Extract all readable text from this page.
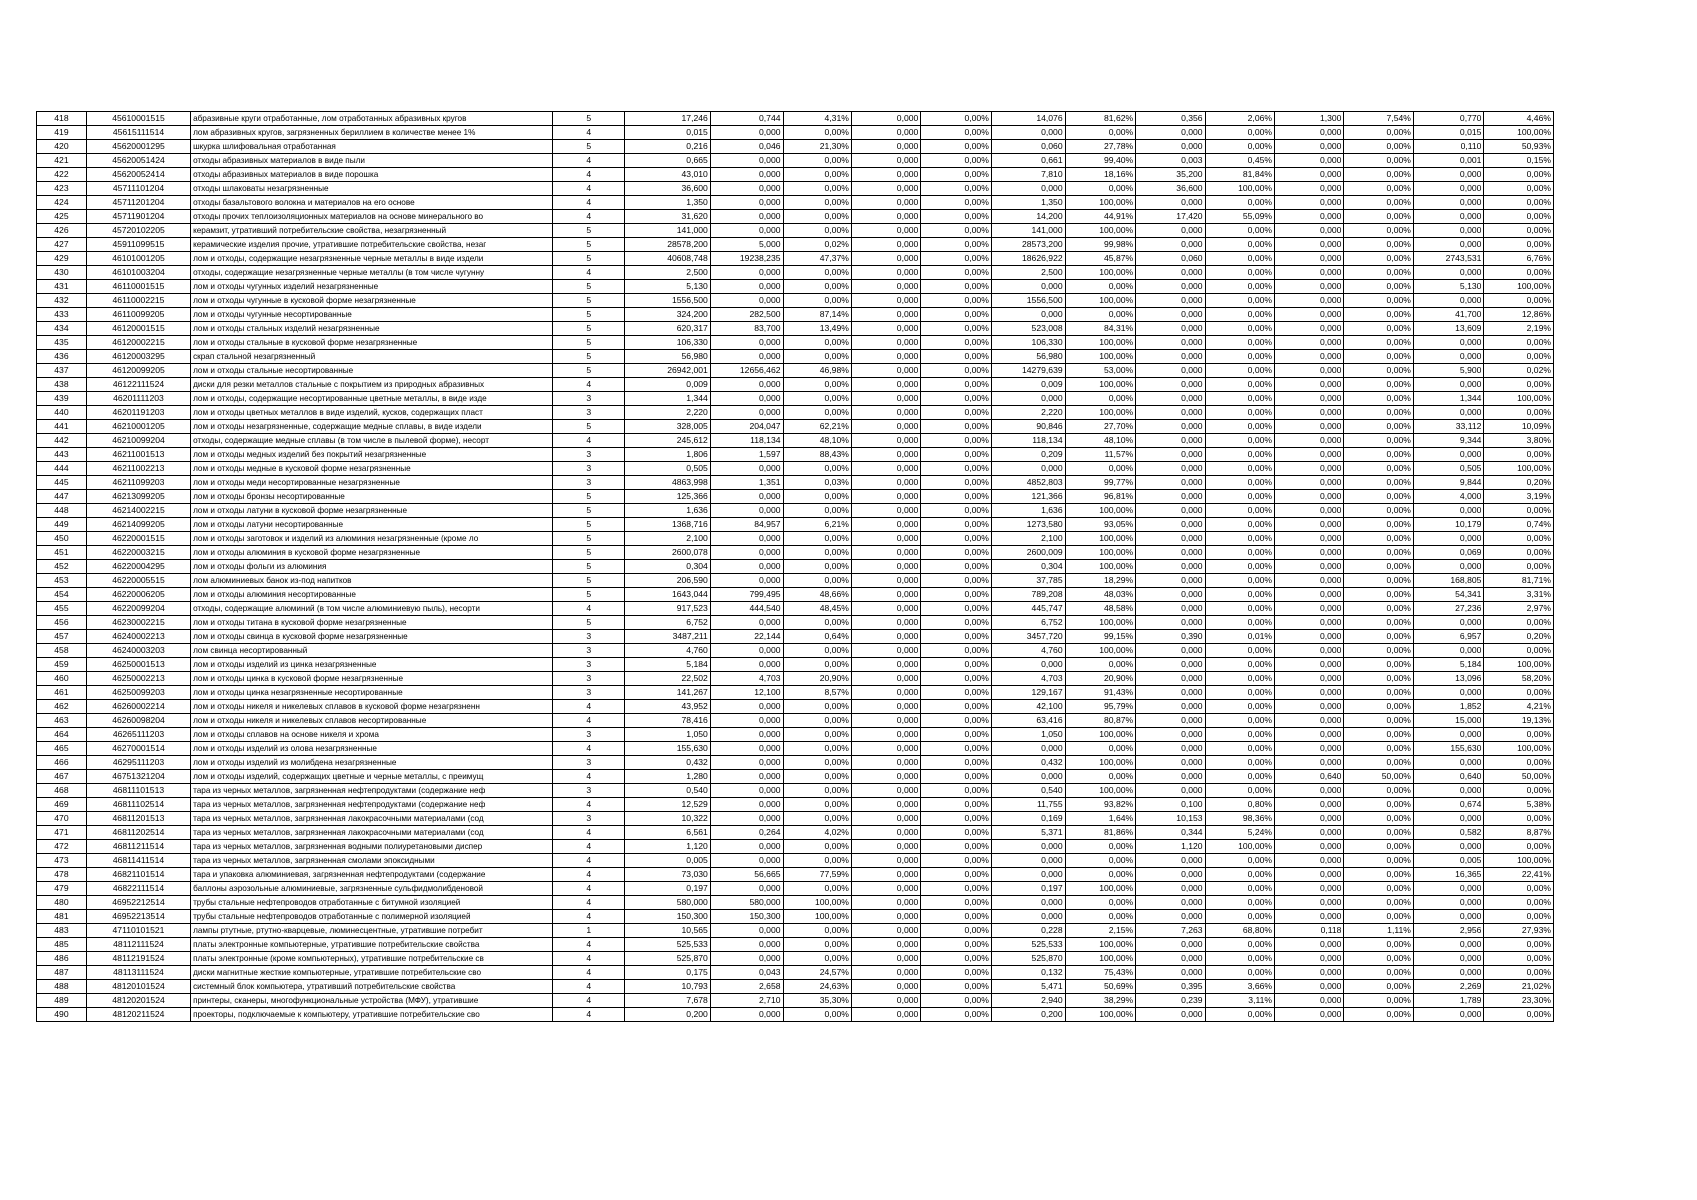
418	45610001515	абразивные круги отработанные, лом отработанных абразивных кругов	5	17,246	0,744	4,31%	0,000	0,00%	14,076	81,62%	0,356	2,06%	1,300	7,54%	0,770	4,46%
419	45615111514	лом абразивных кругов, загрязненных бериллием в количестве менее 1%	4	0,015	0,000	0,00%	0,000	0,00%	0,000	0,00%	0,000	0,00%	0,000	0,00%	0,015	100,00%
420	45620001295	шкурка шлифовальная отработанная	5	0,216	0,046	21,30%	0,000	0,00%	0,060	27,78%	0,000	0,00%	0,000	0,00%	0,110	50,93%
421	45620051424	отходы абразивных материалов в виде пыли	4	0,665	0,000	0,00%	0,000	0,00%	0,661	99,40%	0,003	0,45%	0,000	0,00%	0,001	0,15%
422	45620052414	отходы абразивных материалов в виде порошка	4	43,010	0,000	0,00%	0,000	0,00%	7,810	18,16%	35,200	81,84%	0,000	0,00%	0,000	0,00%
423	45711101204	отходы шлаковаты незагрязненные	4	36,600	0,000	0,00%	0,000	0,00%	0,000	0,00%	36,600	100,00%	0,000	0,00%	0,000	0,00%
424	45711201204	отходы базальтового волокна и материалов на его основе	4	1,350	0,000	0,00%	0,000	0,00%	1,350	100,00%	0,000	0,00%	0,000	0,00%	0,000	0,00%
425	45711901204	отходы прочих теплоизоляционных материалов на основе минерального во	4	31,620	0,000	0,00%	0,000	0,00%	14,200	44,91%	17,420	55,09%	0,000	0,00%	0,000	0,00%
426	45720102205	керамзит, утративший потребительские свойства, незагрязненный	5	141,000	0,000	0,00%	0,000	0,00%	141,000	100,00%	0,000	0,00%	0,000	0,00%	0,000	0,00%
427	45911099515	керамические изделия прочие, утратившие потребительские свойства, незаг	5	28578,200	5,000	0,02%	0,000	0,00%	28573,200	99,98%	0,000	0,00%	0,000	0,00%	0,000	0,00%
429	46101001205	лом и отходы, содержащие незагрязненные черные металлы в виде издели	5	40608,748	19238,235	47,37%	0,000	0,00%	18626,922	45,87%	0,060	0,00%	0,000	0,00%	2743,531	6,76%
430	46101003204	отходы, содержащие незагрязненные черные металлы (в том числе чугунну	4	2,500	0,000	0,00%	0,000	0,00%	2,500	100,00%	0,000	0,00%	0,000	0,00%	0,000	0,00%
431	46110001515	лом и отходы чугунных изделий незагрязненные	5	5,130	0,000	0,00%	0,000	0,00%	0,000	0,00%	0,000	0,00%	0,000	0,00%	5,130	100,00%
432	46110002215	лом и отходы чугунные в кусковой форме незагрязненные	5	1556,500	0,000	0,00%	0,000	0,00%	1556,500	100,00%	0,000	0,00%	0,000	0,00%	0,000	0,00%
433	46110099205	лом и отходы чугунные несортированные	5	324,200	282,500	87,14%	0,000	0,00%	0,000	0,00%	0,000	0,00%	0,000	0,00%	41,700	12,86%
434	46120001515	лом и отходы стальных изделий незагрязненные	5	620,317	83,700	13,49%	0,000	0,00%	523,008	84,31%	0,000	0,00%	0,000	0,00%	13,609	2,19%
435	46120002215	лом и отходы стальные в кусковой форме незагрязненные	5	106,330	0,000	0,00%	0,000	0,00%	106,330	100,00%	0,000	0,00%	0,000	0,00%	0,000	0,00%
436	46120003295	скрап стальной незагрязненный	5	56,980	0,000	0,00%	0,000	0,00%	56,980	100,00%	0,000	0,00%	0,000	0,00%	0,000	0,00%
437	46120099205	лом и отходы стальные несортированные	5	26942,001	12656,462	46,98%	0,000	0,00%	14279,639	53,00%	0,000	0,00%	0,000	0,00%	5,900	0,02%
438	46122111524	диски для резки металлов стальные с покрытием из природных абразивных	4	0,009	0,000	0,00%	0,000	0,00%	0,009	100,00%	0,000	0,00%	0,000	0,00%	0,000	0,00%
439	46201111203	лом и отходы, содержащие несортированные цветные металлы, в виде изде	3	1,344	0,000	0,00%	0,000	0,00%	0,000	0,00%	0,000	0,00%	0,000	0,00%	1,344	100,00%
440	46201191203	лом и отходы цветных металлов в виде изделий, кусков, содержащих пласт	3	2,220	0,000	0,00%	0,000	0,00%	2,220	100,00%	0,000	0,00%	0,000	0,00%	0,000	0,00%
441	46210001205	лом и отходы незагрязненные, содержащие медные сплавы, в виде издели	5	328,005	204,047	62,21%	0,000	0,00%	90,846	27,70%	0,000	0,00%	0,000	0,00%	33,112	10,09%
442	46210099204	отходы, содержащие медные сплавы (в том числе в пылевой форме), несорт	4	245,612	118,134	48,10%	0,000	0,00%	118,134	48,10%	0,000	0,00%	0,000	0,00%	9,344	3,80%
443	46211001513	лом и отходы медных изделий без покрытий незагрязненные	3	1,806	1,597	88,43%	0,000	0,00%	0,209	11,57%	0,000	0,00%	0,000	0,00%	0,000	0,00%
444	46211002213	лом и отходы медные в кусковой форме незагрязненные	3	0,505	0,000	0,00%	0,000	0,00%	0,000	0,00%	0,000	0,00%	0,000	0,00%	0,505	100,00%
445	46211099203	лом и отходы меди несортированные незагрязненные	3	4863,998	1,351	0,03%	0,000	0,00%	4852,803	99,77%	0,000	0,00%	0,000	0,00%	9,844	0,20%
447	46213099205	лом и отходы бронзы несортированные	5	125,366	0,000	0,00%	0,000	0,00%	121,366	96,81%	0,000	0,00%	0,000	0,00%	4,000	3,19%
448	46214002215	лом и отходы латуни в кусковой форме незагрязненные	5	1,636	0,000	0,00%	0,000	0,00%	1,636	100,00%	0,000	0,00%	0,000	0,00%	0,000	0,00%
449	46214099205	лом и отходы латуни несортированные	5	1368,716	84,957	6,21%	0,000	0,00%	1273,580	93,05%	0,000	0,00%	0,000	0,00%	10,179	0,74%
450	46220001515	лом и отходы заготовок и изделий из алюминия незагрязненные (кроме ло	5	2,100	0,000	0,00%	0,000	0,00%	2,100	100,00%	0,000	0,00%	0,000	0,00%	0,000	0,00%
451	46220003215	лом и отходы алюминия в кусковой форме незагрязненные	5	2600,078	0,000	0,00%	0,000	0,00%	2600,009	100,00%	0,000	0,00%	0,000	0,00%	0,069	0,00%
452	46220004295	лом и отходы фольги из алюминия	5	0,304	0,000	0,00%	0,000	0,00%	0,304	100,00%	0,000	0,00%	0,000	0,00%	0,000	0,00%
453	46220005515	лом алюминиевых банок из-под напитков	5	206,590	0,000	0,00%	0,000	0,00%	37,785	18,29%	0,000	0,00%	0,000	0,00%	168,805	81,71%
454	46220006205	лом и отходы алюминия несортированные	5	1643,044	799,495	48,66%	0,000	0,00%	789,208	48,03%	0,000	0,00%	0,000	0,00%	54,341	3,31%
455	46220099204	отходы, содержащие алюминий (в том числе алюминиевую пыль), несорти	4	917,523	444,540	48,45%	0,000	0,00%	445,747	48,58%	0,000	0,00%	0,000	0,00%	27,236	2,97%
456	46230002215	лом и отходы титана в кусковой форме незагрязненные	5	6,752	0,000	0,00%	0,000	0,00%	6,752	100,00%	0,000	0,00%	0,000	0,00%	0,000	0,00%
457	46240002213	лом и отходы свинца в кусковой форме незагрязненные	3	3487,211	22,144	0,64%	0,000	0,00%	3457,720	99,15%	0,390	0,01%	0,000	0,00%	6,957	0,20%
458	46240003203	лом свинца несортированный	3	4,760	0,000	0,00%	0,000	0,00%	4,760	100,00%	0,000	0,00%	0,000	0,00%	0,000	0,00%
459	46250001513	лом и отходы изделий из цинка незагрязненные	3	5,184	0,000	0,00%	0,000	0,00%	0,000	0,00%	0,000	0,00%	0,000	0,00%	5,184	100,00%
460	46250002213	лом и отходы цинка в кусковой форме незагрязненные	3	22,502	4,703	20,90%	0,000	0,00%	4,703	20,90%	0,000	0,00%	0,000	0,00%	13,096	58,20%
461	46250099203	лом и отходы цинка незагрязненные несортированные	3	141,267	12,100	8,57%	0,000	0,00%	129,167	91,43%	0,000	0,00%	0,000	0,00%	0,000	0,00%
462	46260002214	лом и отходы никеля и никелевых сплавов в кусковой форме незагрязненн	4	43,952	0,000	0,00%	0,000	0,00%	42,100	95,79%	0,000	0,00%	0,000	0,00%	1,852	4,21%
463	46260098204	лом и отходы никеля и никелевых сплавов несортированные	4	78,416	0,000	0,00%	0,000	0,00%	63,416	80,87%	0,000	0,00%	0,000	0,00%	15,000	19,13%
464	46265111203	лом и отходы сплавов на основе никеля и хрома	3	1,050	0,000	0,00%	0,000	0,00%	1,050	100,00%	0,000	0,00%	0,000	0,00%	0,000	0,00%
465	46270001514	лом и отходы изделий из олова незагрязненные	4	155,630	0,000	0,00%	0,000	0,00%	0,000	0,00%	0,000	0,00%	0,000	0,00%	155,630	100,00%
466	46295111203	лом и отходы изделий из молибдена незагрязненные	3	0,432	0,000	0,00%	0,000	0,00%	0,432	100,00%	0,000	0,00%	0,000	0,00%	0,000	0,00%
467	46751321204	лом и отходы изделий, содержащих цветные и черные металлы, с преимущ	4	1,280	0,000	0,00%	0,000	0,00%	0,000	0,00%	0,000	0,00%	0,640	50,00%	0,640	50,00%
468	46811101513	тара из черных металлов, загрязненная нефтепродуктами (содержание неф	3	0,540	0,000	0,00%	0,000	0,00%	0,540	100,00%	0,000	0,00%	0,000	0,00%	0,000	0,00%
469	46811102514	тара из черных металлов, загрязненная нефтепродуктами (содержание неф	4	12,529	0,000	0,00%	0,000	0,00%	11,755	93,82%	0,100	0,80%	0,000	0,00%	0,674	5,38%
470	46811201513	тара из черных металлов, загрязненная лакокрасочными материалами (сод	3	10,322	0,000	0,00%	0,000	0,00%	0,169	1,64%	10,153	98,36%	0,000	0,00%	0,000	0,00%
471	46811202514	тара из черных металлов, загрязненная лакокрасочными материалами (сод	4	6,561	0,264	4,02%	0,000	0,00%	5,371	81,86%	0,344	5,24%	0,000	0,00%	0,582	8,87%
472	46811211514	тара из черных металлов, загрязненная водными полиуретановыми диспер	4	1,120	0,000	0,00%	0,000	0,00%	0,000	0,00%	1,120	100,00%	0,000	0,00%	0,000	0,00%
473	46811411514	тара из черных металлов, загрязненная смолами эпоксидными	4	0,005	0,000	0,00%	0,000	0,00%	0,000	0,00%	0,000	0,00%	0,000	0,00%	0,005	100,00%
478	46821101514	тара и упаковка алюминиевая, загрязненная нефтепродуктами (содержание	4	73,030	56,665	77,59%	0,000	0,00%	0,000	0,00%	0,000	0,00%	0,000	0,00%	16,365	22,41%
479	46822111514	баллоны аэрозольные алюминиевые, загрязненные сульфидмолибденовой	4	0,197	0,000	0,00%	0,000	0,00%	0,197	100,00%	0,000	0,00%	0,000	0,00%	0,000	0,00%
480	46952212514	трубы стальные нефтепроводов отработанные с битумной изоляцией	4	580,000	580,000	100,00%	0,000	0,00%	0,000	0,00%	0,000	0,00%	0,000	0,00%	0,000	0,00%
481	46952213514	трубы стальные нефтепроводов отработанные с полимерной изоляцией	4	150,300	150,300	100,00%	0,000	0,00%	0,000	0,00%	0,000	0,00%	0,000	0,00%	0,000	0,00%
483	47110101521	лампы ртутные, ртутно-кварцевые, люминесцентные, утратившие потребит	1	10,565	0,000	0,00%	0,000	0,00%	0,228	2,15%	7,263	68,80%	0,118	1,11%	2,956	27,93%
485	48112111524	платы электронные компьютерные, утратившие потребительские свойства	4	525,533	0,000	0,00%	0,000	0,00%	525,533	100,00%	0,000	0,00%	0,000	0,00%	0,000	0,00%
486	48112191524	платы электронные (кроме компьютерных), утратившие потребительские св	4	525,870	0,000	0,00%	0,000	0,00%	525,870	100,00%	0,000	0,00%	0,000	0,00%	0,000	0,00%
487	48113111524	диски магнитные жесткие компьютерные, утратившие потребительские сво	4	0,175	0,043	24,57%	0,000	0,00%	0,132	75,43%	0,000	0,00%	0,000	0,00%	0,000	0,00%
488	48120101524	системный блок компьютера, утративший потребительские свойства	4	10,793	2,658	24,63%	0,000	0,00%	5,471	50,69%	0,395	3,66%	0,000	0,00%	2,269	21,02%
489	48120201524	принтеры, сканеры, многофункциональные устройства (МФУ), утратившие	4	7,678	2,710	35,30%	0,000	0,00%	2,940	38,29%	0,239	3,11%	0,000	0,00%	1,789	23,30%
490	48120211524	проекторы, подключаемые к компьютеру, утратившие потребительские сво	4	0,200	0,000	0,00%	0,000	0,00%	0,200	100,00%	0,000	0,00%	0,000	0,00%	0,000	0,00%
